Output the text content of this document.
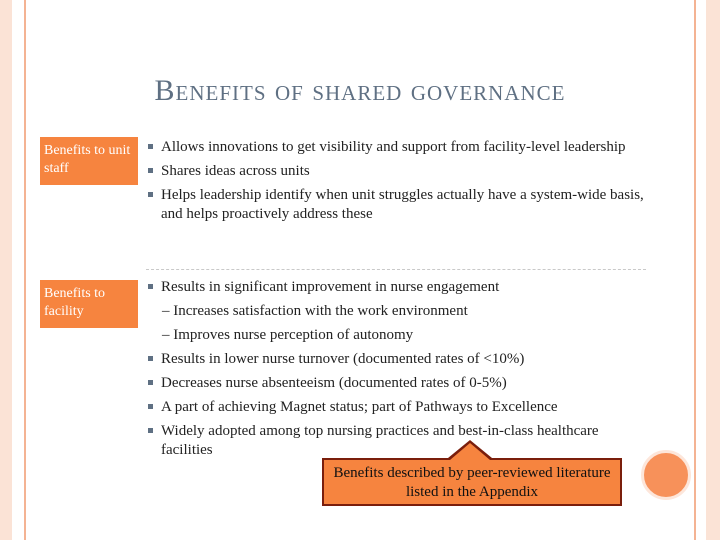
Benefits of shared governance
Benefits to unit staff
Allows innovations to get visibility and support from facility-level leadership
Shares ideas across units
Helps leadership identify when unit struggles actually have a system-wide basis, and helps proactively address these
Benefits to facility
Results in significant improvement in nurse engagement
– Increases satisfaction with the work environment
– Improves nurse perception of autonomy
Results in lower nurse turnover (documented rates of <10%)
Decreases nurse absenteeism (documented rates of 0-5%)
A part of achieving Magnet status; part of Pathways to Excellence
Widely adopted among top nursing practices and best-in-class healthcare facilities
Benefits described by peer-reviewed literature listed in the Appendix
